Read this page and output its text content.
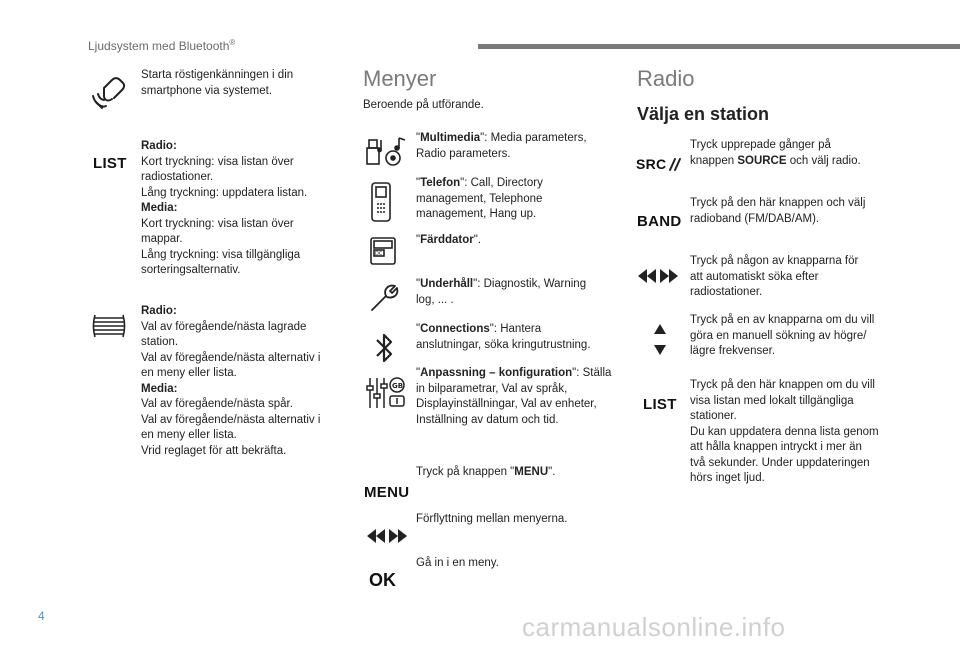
Ljudsystem med Bluetooth®
Starta röstigenkänningen i din smartphone via systemet.
LIST
Radio:
Kort tryckning: visa listan över radiostationer.
Lång tryckning: uppdatera listan.
Media:
Kort tryckning: visa listan över mappar.
Lång tryckning: visa tillgängliga sorteringsalternativ.
Radio:
Val av föregående/nästa lagrade station.
Val av föregående/nästa alternativ i en meny eller lista.
Media:
Val av föregående/nästa spår.
Val av föregående/nästa alternativ i en meny eller lista.
Vrid reglaget för att bekräfta.
Menyer
Beroende på utförande.
"Multimedia": Media parameters, Radio parameters.
"Telefon": Call, Directory management, Telephone management, Hang up.
DC
"Färddator".
"Underhåll": Diagnostik, Warning log, ... .
"Connections": Hantera anslutningar, söka kringutrustning.
GB
"Anpassning – konfiguration": Ställa in bilparametrar, Val av språk, Displayinställningar, Val av enheter, Inställning av datum och tid.
MENU
Tryck på knappen "MENU".
Förflyttning mellan menyerna.
OK
Gå in i en meny.
Radio
Välja en station
SRC
Tryck upprepade gånger på knappen SOURCE och välj radio.
BAND
Tryck på den här knappen och välj radioband (FM/DAB/AM).
Tryck på någon av knapparna för att automatiskt söka efter radiostationer.
Tryck på en av knapparna om du vill göra en manuell sökning av högre/ lägre frekvenser.
LIST
Tryck på den här knappen om du vill visa listan med lokalt tillgängliga stationer.
Du kan uppdatera denna lista genom att hålla knappen intryckt i mer än två sekunder. Under uppdateringen hörs inget ljud.
4	carmanualsonline.info
